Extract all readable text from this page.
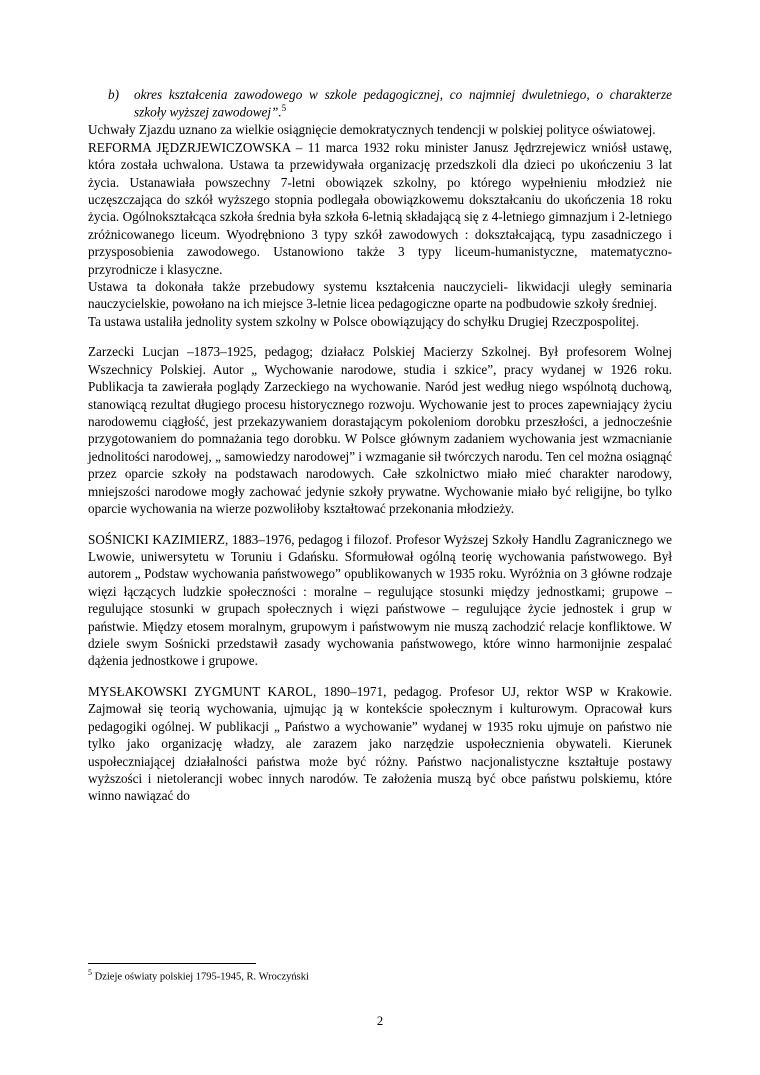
b)	okres kształcenia zawodowego w szkole pedagogicznej, co najmniej dwuletniego, o charakterze szkoły wyższej zawodowej”.$^5$

Uchwały Zjazdu uznano za wielkie osiągnięcie demokratycznych tendencji w polskiej polityce oświatowej.

REFORMA JĘDZRJEWICZOWSKA – 11 marca 1932 roku minister Janusz Jędrzrejewicz wniósł ustawę, która została uchwalona. Ustawa ta przewidywała organizację przedszkoli dla dzieci po ukończeniu 3 lat życia. Ustanawiała powszechny 7-letni obowiązek szkolny, po którego wypełnieniu młodzież nie uczęszczająca do szkół wyższego stopnia podlegała obowiązkowemu dokształcaniu do ukończenia 18 roku życia. Ogólnokształcąca szkoła średnia była szkoła 6-letnią składającą się z 4-letniego gimnazjum i 2-letniego zróżnicowanego liceum. Wyodrębniono 3 typy szkół zawodowych : dokształcającą, typu zasadniczego i przysposobienia zawodowego. Ustanowiono także 3 typy liceum-humanistyczne, matematyczno- przyrodnicze i klasyczne.

Ustawa ta dokonała także przebudowy systemu kształcenia nauczycieli- likwidacji uległy seminaria nauczycielskie, powołano na ich miejsce 3-letnie licea pedagogiczne oparte na podbudowie szkoły średniej.

Ta ustawa ustaliła jednolity system szkolny w Polsce obowiązujący do schyłku Drugiej Rzeczpospolitej.

Zarzecki Lucjan –1873–1925, pedagog; działacz Polskiej Macierzy Szkolnej. Był profesorem Wolnej Wszechnicy Polskiej. Autor „ Wychowanie narodowe, studia i szkice”, pracy wydanej w 1926 roku. Publikacja ta zawierała poglądy Zarzeckiego na wychowanie. Naród jest według niego wspólnotą duchową, stanowiącą rezultat długiego procesu historycznego rozwoju. Wychowanie jest to proces zapewniający życiu narodowemu ciągłość, jest przekazywaniem dorastającym pokoleniom dorobku przeszłości, a jednocześnie przygotowaniem do pomnażania tego dorobku. W Polsce głównym zadaniem wychowania jest wzmacnianie jednolitości narodowej, „ samowiedzy narodowej” i wzmaganie sił twórczych narodu. Ten cel można osiągnąć przez oparcie szkoły na podstawach narodowych. Całe szkolnictwo miało mieć charakter narodowy, mniejszości narodowe mogły zachować jedynie szkoły prywatne. Wychowanie miało być religijne, bo tylko oparcie wychowania na wierze pozwoliłoby kształtować przekonania młodzieży.

SOŚNICKI KAZIMIERZ, 1883–1976, pedagog i filozof. Profesor Wyższej Szkoły Handlu Zagranicznego we Lwowie, uniwersytetu w Toruniu i Gdańsku. Sformułował ogólną teorię wychowania państwowego. Był autorem „ Podstaw wychowania państwowego” opublikowanych w 1935 roku. Wyróżnia on 3 główne rodzaje więzi łączących ludzkie społeczności : moralne – regulujące stosunki między jednostkami; grupowe – regulujące stosunki w grupach społecznych i więzi państwowe – regulujące życie jednostek i grup w państwie. Między etosem moralnym, grupowym i państwowym nie muszą zachodzić relacje konfliktowe. W dziele swym Sośnicki przedstawił zasady wychowania państwowego, które winno harmonijnie zespalać dążenia jednostkowe i grupowe.

MYSŁAKOWSKI ZYGMUNT KAROL, 1890–1971, pedagog. Profesor UJ, rektor WSP w Krakowie. Zajmował się teorią wychowania, ujmując ją w kontekście społecznym i kulturowym. Opracował kurs pedagogiki ogólnej. W publikacji „ Państwo a wychowanie” wydanej w 1935 roku ujmuje on państwo nie tylko jako organizację władzy, ale zarazem jako narzędzie uspołecznienia obywateli. Kierunek uspołeczniającej działalności państwa może być różny. Państwo nacjonalistyczne kształtuje postawy wyższości i nietolerancji wobec innych narodów. Te założenia muszą być obce państwu polskiemu, które winno nawiązać do

$^5$ Dzieje oświaty polskiej 1795-1945, R. Wroczyński
2
